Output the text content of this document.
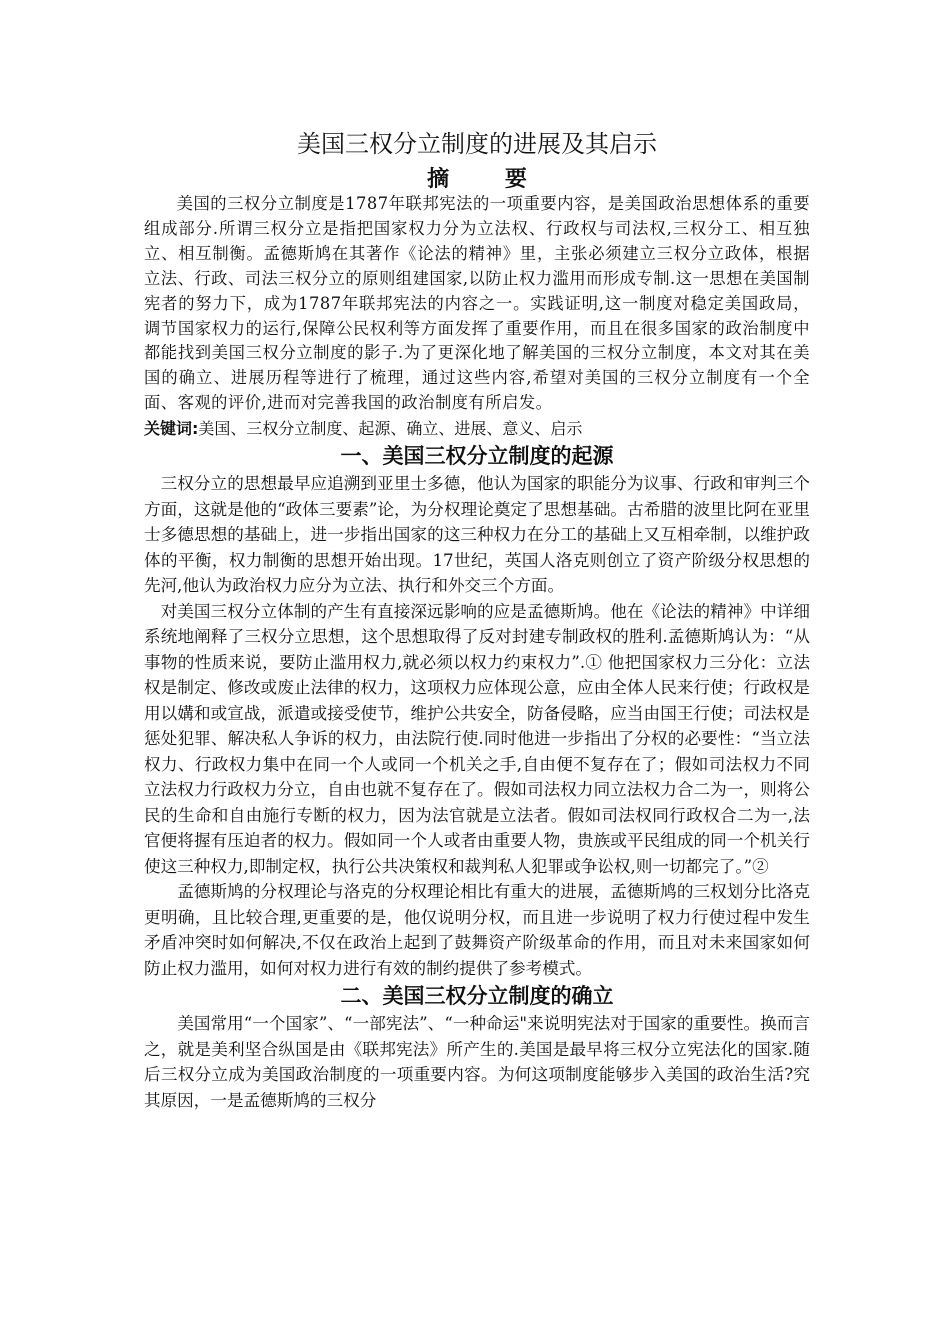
美国三权分立制度的进展及其启示
摘 要

美国的三权分立制度是1787年联邦宪法的一项重要内容，是美国政治思想体系的重要组成部分.所谓三权分立是指把国家权力分为立法权、行政权与司法权,三权分工、相互独立、相互制衡。孟德斯鸠在其著作《论法的精神》里，主张必须建立三权分立政体，根据立法、行政、司法三权分立的原则组建国家,以防止权力滥用而形成专制.这一思想在美国制宪者的努力下，成为1787年联邦宪法的内容之一。实践证明,这一制度对稳定美国政局，调节国家权力的运行,保障公民权利等方面发挥了重要作用，而且在很多国家的政治制度中都能找到美国三权分立制度的影子.为了更深化地了解美国的三权分立制度，本文对其在美国的确立、进展历程等进行了梳理，通过这些内容,希望对美国的三权分立制度有一个全面、客观的评价,进而对完善我国的政治制度有所启发。

关键词:美国、三权分立制度、起源、确立、进展、意义、启示
一、美国三权分立制度的起源

三权分立的思想最早应追溯到亚里士多德，他认为国家的职能分为议事、行政和审判三个方面，这就是他的“政体三要素”论，为分权理论奠定了思想基础。古希腊的波里比阿在亚里士多德思想的基础上，进一步指出国家的这三种权力在分工的基础上又互相牵制，以维护政体的平衡，权力制衡的思想开始出现。17世纪，英国人洛克则创立了资产阶级分权思想的先河,他认为政治权力应分为立法、执行和外交三个方面。

对美国三权分立体制的产生有直接深远影响的应是孟德斯鸠。他在《论法的精神》中详细系统地阐释了三权分立思想，这个思想取得了反对封建专制政权的胜利.孟德斯鸠认为：“从事物的性质来说，要防止滥用权力,就必须以权力约束权力”.① 他把国家权力三分化：立法权是制定、修改或废止法律的权力，这项权力应体现公意，应由全体人民来行使；行政权是用以媾和或宣战，派遣或接受使节，维护公共安全，防备侵略，应当由国王行使；司法权是惩处犯罪、解决私人争诉的权力，由法院行使.同时他进一步指出了分权的必要性：“当立法权力、行政权力集中在同一个人或同一个机关之手,自由便不复存在了；假如司法权力不同立法权力行政权力分立，自由也就不复存在了。假如司法权力同立法权力合二为一，则将公民的生命和自由施行专断的权力，因为法官就是立法者。假如司法权同行政权合二为一,法官便将握有压迫者的权力。假如同一个人或者由重要人物，贵族或平民组成的同一个机关行使这三种权力,即制定权，执行公共决策权和裁判私人犯罪或争讼权,则一切都完了。”②

孟德斯鸠的分权理论与洛克的分权理论相比有重大的进展，孟德斯鸠的三权划分比洛克更明确，且比较合理,更重要的是，他仅说明分权，而且进一步说明了权力行使过程中发生矛盾冲突时如何解决,不仅在政治上起到了鼓舞资产阶级革命的作用，而且对未来国家如何防止权力滥用，如何对权力进行有效的制约提供了参考模式。

二、美国三权分立制度的确立

美国常用“一个国家”、“一部宪法”、“一种命运"来说明宪法对于国家的重要性。换而言之，就是美利坚合纵国是由《联邦宪法》所产生的.美国是最早将三权分立宪法化的国家.随后三权分立成为美国政治制度的一项重要内容。为何这项制度能够步入美国的政治生活?究其原因，一是孟德斯鸠的三权分
